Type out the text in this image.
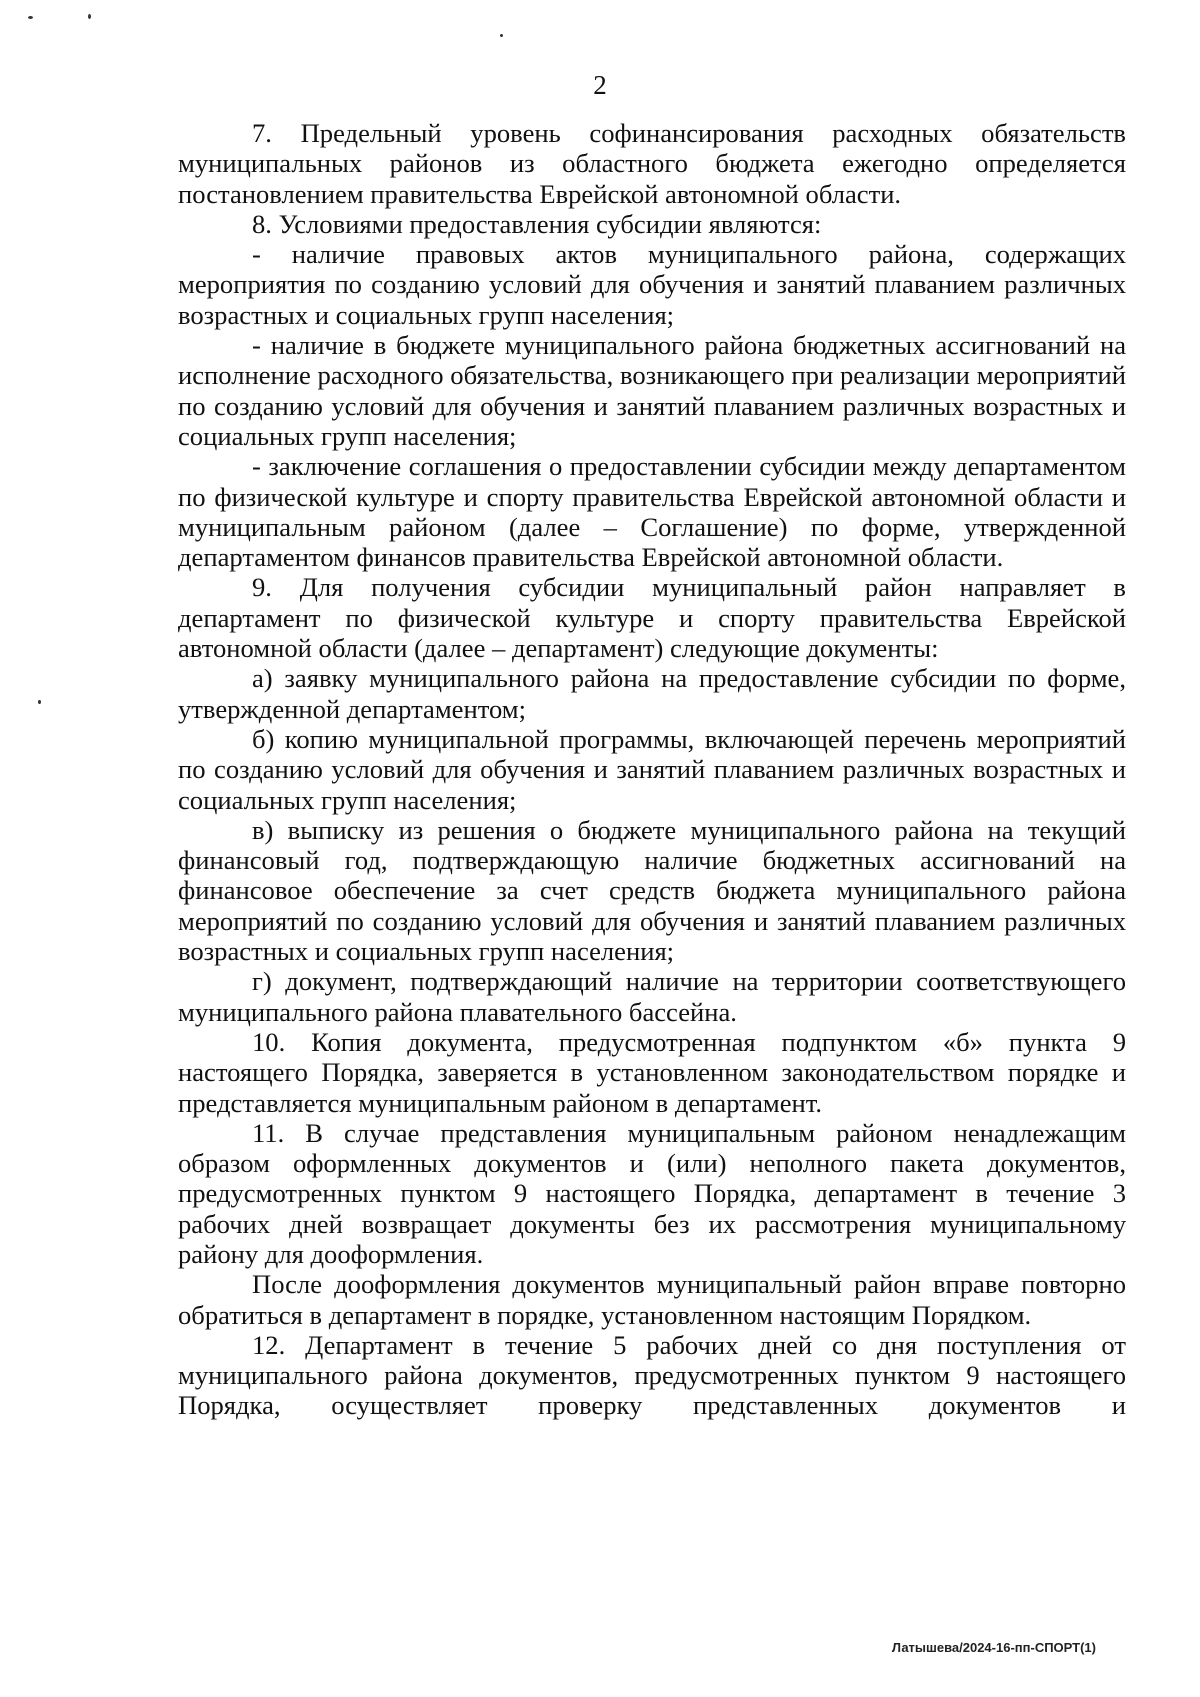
2

7. Предельный уровень софинансирования расходных обязательств муниципальных районов из областного бюджета ежегодно определяется постановлением правительства Еврейской автономной области.

8. Условиями предоставления субсидии являются:

- наличие правовых актов муниципального района, содержащих мероприятия по созданию условий для обучения и занятий плаванием различных возрастных и социальных групп населения;

- наличие в бюджете муниципального района бюджетных ассигнований на исполнение расходного обязательства, возникающего при реализации мероприятий по созданию условий для обучения и занятий плаванием различных возрастных и социальных групп населения;

- заключение соглашения о предоставлении субсидии между департаментом по физической культуре и спорту правительства Еврейской автономной области и муниципальным районом (далее – Соглашение) по форме, утвержденной департаментом финансов правительства Еврейской автономной области.

9. Для получения субсидии муниципальный район направляет в департамент по физической культуре и спорту правительства Еврейской автономной области (далее – департамент) следующие документы:

а) заявку муниципального района на предоставление субсидии по форме, утвержденной департаментом;

б) копию муниципальной программы, включающей перечень мероприятий по созданию условий для обучения и занятий плаванием различных возрастных и социальных групп населения;

в) выписку из решения о бюджете муниципального района на текущий финансовый год, подтверждающую наличие бюджетных ассигнований на финансовое обеспечение за счет средств бюджета муниципального района мероприятий по созданию условий для обучения и занятий плаванием различных возрастных и социальных групп населения;

г) документ, подтверждающий наличие на территории соответствующего муниципального района плавательного бассейна.

10. Копия документа, предусмотренная подпунктом «б» пункта 9 настоящего Порядка, заверяется в установленном законодательством порядке и представляется муниципальным районом в департамент.

11. В случае представления муниципальным районом ненадлежащим образом оформленных документов и (или) неполного пакета документов, предусмотренных пунктом 9 настоящего Порядка, департамент в течение 3 рабочих дней возвращает документы без их рассмотрения муниципальному району для дооформления.

После дооформления документов муниципальный район вправе повторно обратиться в департамент в порядке, установленном настоящим Порядком.

12. Департамент в течение 5 рабочих дней со дня поступления от муниципального района документов, предусмотренных пунктом 9 настоящего Порядка, осуществляет проверку представленных документов и

Латышева/2024-16-пп-СПОРТ(1)
